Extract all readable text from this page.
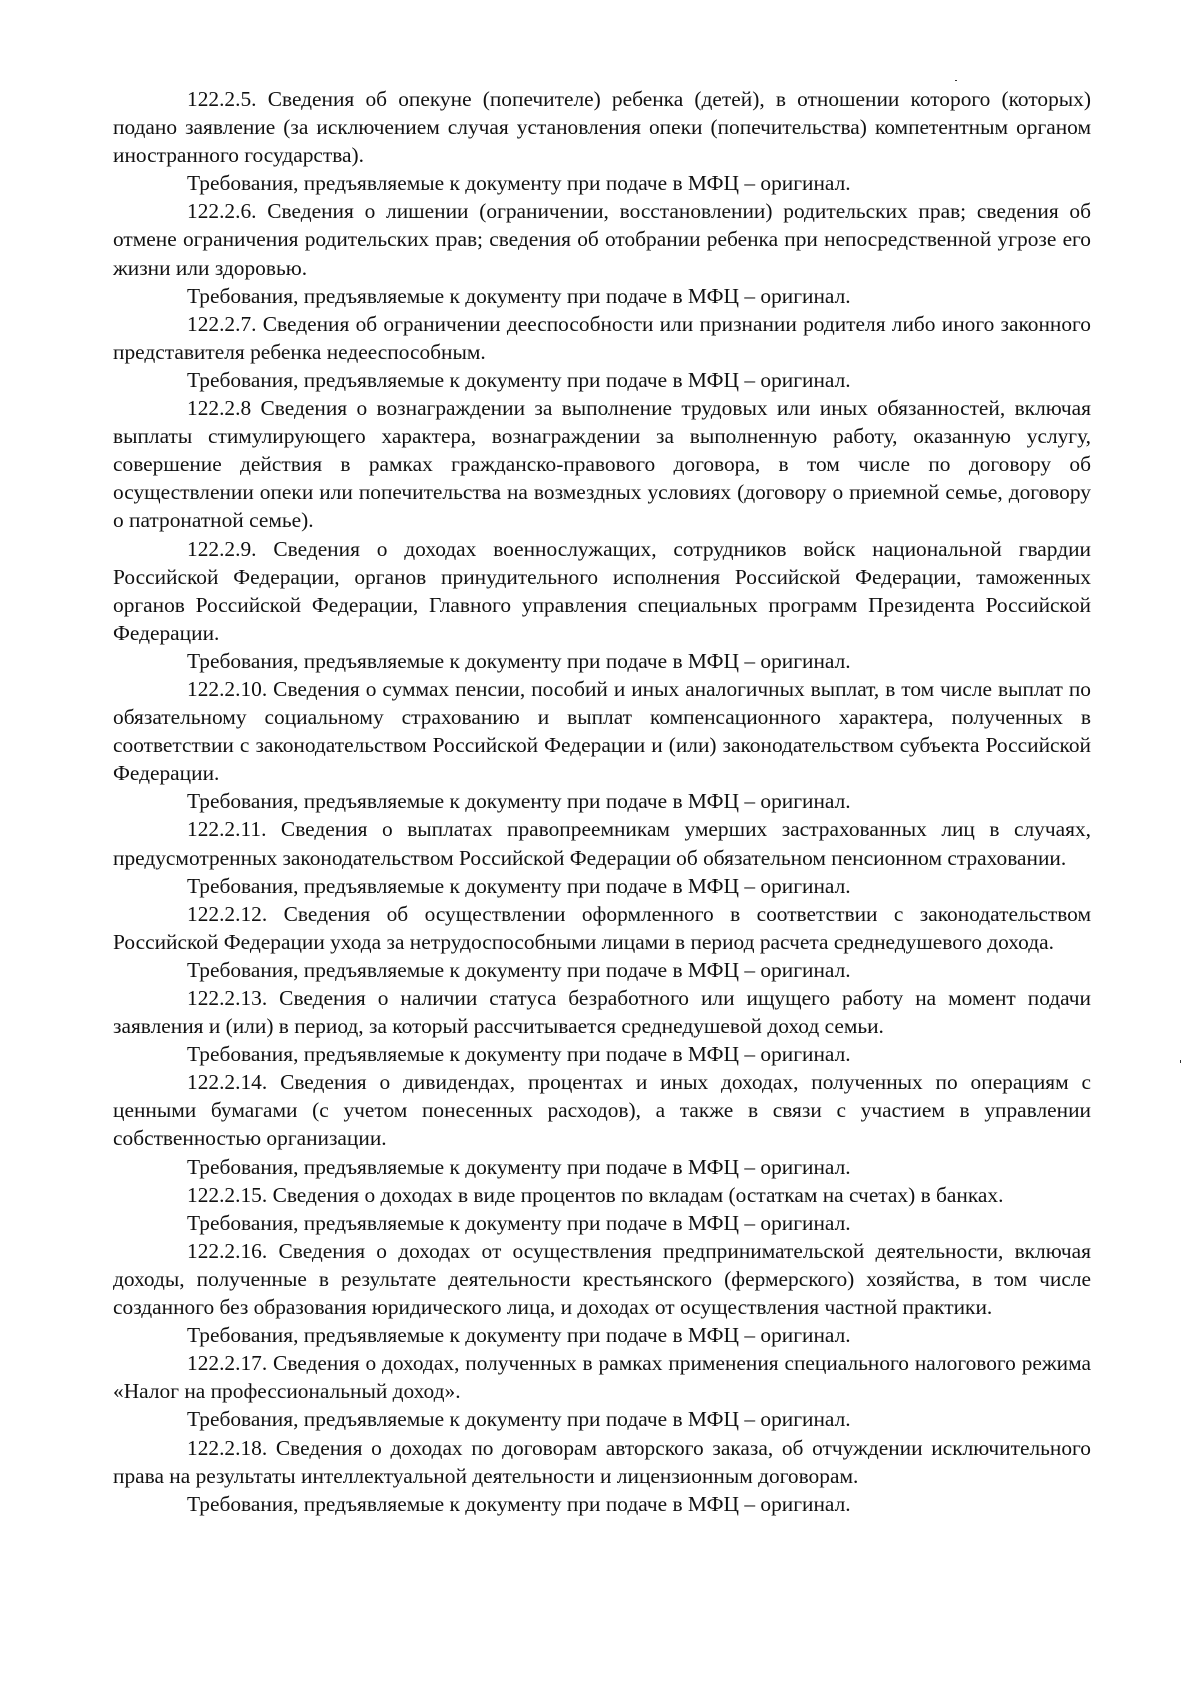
122.2.5. Сведения об опекуне (попечителе) ребенка (детей), в отношении которого (которых) подано заявление (за исключением случая установления опеки (попечительства) компетентным органом иностранного государства).

Требования, предъявляемые к документу при подаче в МФЦ – оригинал.

122.2.6. Сведения о лишении (ограничении, восстановлении) родительских прав; сведения об отмене ограничения родительских прав; сведения об отобрании ребенка при непосредственной угрозе его жизни или здоровью.

Требования, предъявляемые к документу при подаче в МФЦ – оригинал.

122.2.7. Сведения об ограничении дееспособности или признании родителя либо иного законного представителя ребенка недееспособным.

Требования, предъявляемые к документу при подаче в МФЦ – оригинал.

122.2.8 Сведения о вознаграждении за выполнение трудовых или иных обязанностей, включая выплаты стимулирующего характера, вознаграждении за выполненную работу, оказанную услугу, совершение действия в рамках гражданско-правового договора, в том числе по договору об осуществлении опеки или попечительства на возмездных условиях (договору о приемной семье, договору о патронатной семье).

122.2.9. Сведения о доходах военнослужащих, сотрудников войск национальной гвардии Российской Федерации, органов принудительного исполнения Российской Федерации, таможенных органов Российской Федерации, Главного управления специальных программ Президента Российской Федерации.

Требования, предъявляемые к документу при подаче в МФЦ – оригинал.

122.2.10. Сведения о суммах пенсии, пособий и иных аналогичных выплат, в том числе выплат по обязательному социальному страхованию и выплат компенсационного характера, полученных в соответствии с законодательством Российской Федерации и (или) законодательством субъекта Российской Федерации.

Требования, предъявляемые к документу при подаче в МФЦ – оригинал.

122.2.11. Сведения о выплатах правопреемникам умерших застрахованных лиц в случаях, предусмотренных законодательством Российской Федерации об обязательном пенсионном страховании.

Требования, предъявляемые к документу при подаче в МФЦ – оригинал.

122.2.12. Сведения об осуществлении оформленного в соответствии с законодательством Российской Федерации ухода за нетрудоспособными лицами в период расчета среднедушевого дохода.

Требования, предъявляемые к документу при подаче в МФЦ – оригинал.

122.2.13. Сведения о наличии статуса безработного или ищущего работу на момент подачи заявления и (или) в период, за который рассчитывается среднедушевой доход семьи.

Требования, предъявляемые к документу при подаче в МФЦ – оригинал.

122.2.14. Сведения о дивидендах, процентах и иных доходах, полученных по операциям с ценными бумагами (с учетом понесенных расходов), а также в связи с участием в управлении собственностью организации.

Требования, предъявляемые к документу при подаче в МФЦ – оригинал.

122.2.15. Сведения о доходах в виде процентов по вкладам (остаткам на счетах) в банках.

Требования, предъявляемые к документу при подаче в МФЦ – оригинал.

122.2.16. Сведения о доходах от осуществления предпринимательской деятельности, включая доходы, полученные в результате деятельности крестьянского (фермерского) хозяйства, в том числе созданного без образования юридического лица, и доходах от осуществления частной практики.

Требования, предъявляемые к документу при подаче в МФЦ – оригинал.

122.2.17. Сведения о доходах, полученных в рамках применения специального налогового режима «Налог на профессиональный доход».

Требования, предъявляемые к документу при подаче в МФЦ – оригинал.

122.2.18. Сведения о доходах по договорам авторского заказа, об отчуждении исключительного права на результаты интеллектуальной деятельности и лицензионным договорам.

Требования, предъявляемые к документу при подаче в МФЦ – оригинал.
